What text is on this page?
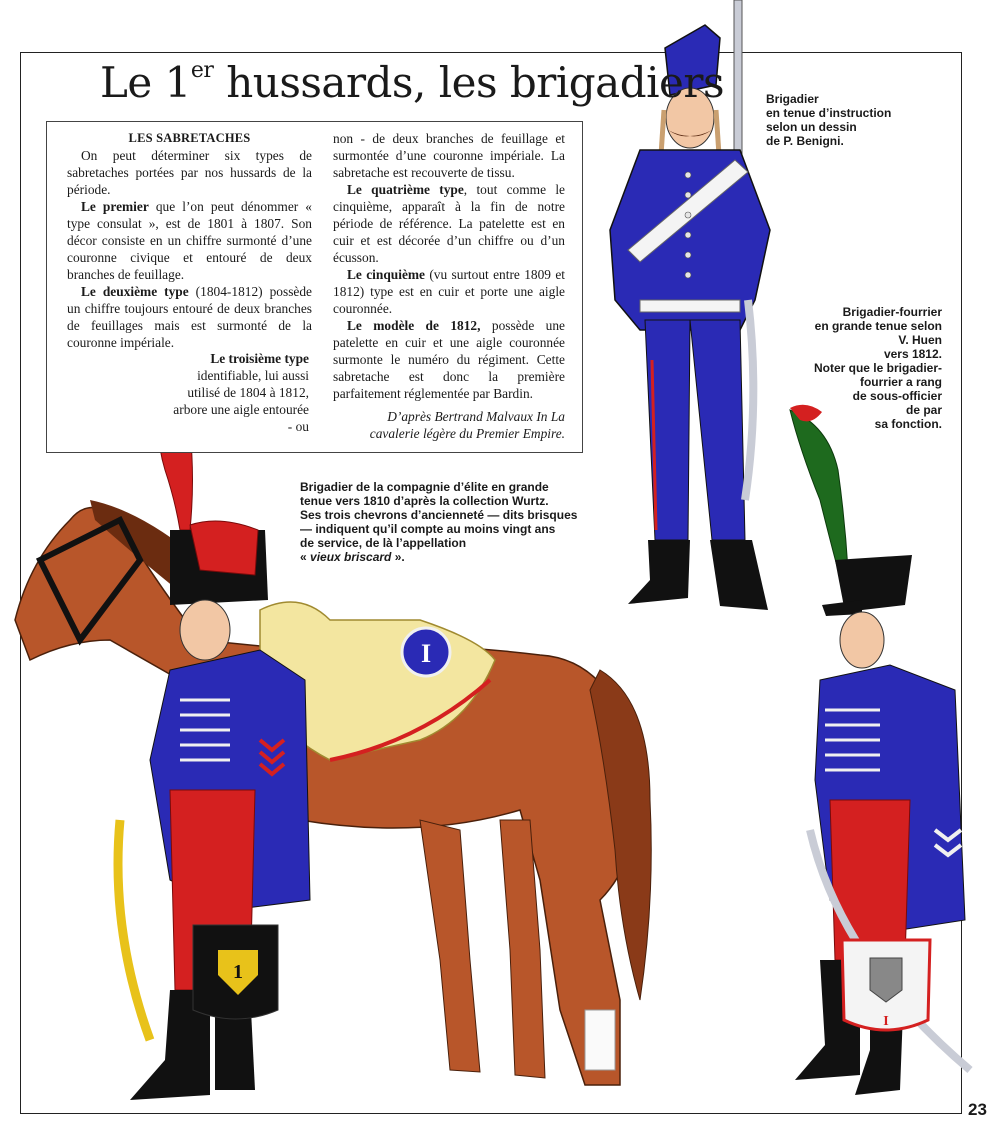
I
1
I
Le 1er hussards, les brigadiers

LES SABRETACHES

On peut déterminer six types de sabretaches portées par nos hussards de la période.

Le premier que l’on peut dénommer « type consulat », est de 1801 à 1807. Son décor consiste en un chiffre surmonté d’une couronne civique et entouré de deux branches de feuillage.

Le deuxième type (1804-1812) possède un chiffre toujours entouré de deux branches de feuillages mais est surmonté de la couronne impériale.

Le troisième type identifiable, lui aussi utilisé de 1804 à 1812, arbore une aigle entourée - ou

non - de deux branches de feuillage et surmontée d’une couronne impériale. La sabretache est recouverte de tissu.

Le quatrième type, tout comme le cinquième, apparaît à la fin de notre période de référence. La patelette est en cuir et est décorée d’un chiffre ou d’un écusson.

Le cinquième (vu surtout entre 1809 et 1812) type est en cuir et porte une aigle couronnée.

Le modèle de 1812, possède une patelette en cuir et une aigle couronnée surmonte le numéro du régiment. Cette sabretache est donc la première parfaitement réglementée par Bardin.

D’après Bertrand Malvaux In La cavalerie légère du Premier Empire.

Brigadier
en tenue d’instruction
selon un dessin
de P. Benigni.
Brigadier-fourrier
en grande tenue selon
V. Huen
vers 1812.
Noter que le brigadier-
fourrier a rang
de sous-officier
de par
sa fonction.
Brigadier de la compagnie d’élite en grande
tenue vers 1810 d’après la collection Wurtz.
Ses trois chevrons d’ancienneté — dits brisques
— indiquent qu’il compte au moins vingt ans
de service, de là l’appellation
« vieux briscard ».
23
